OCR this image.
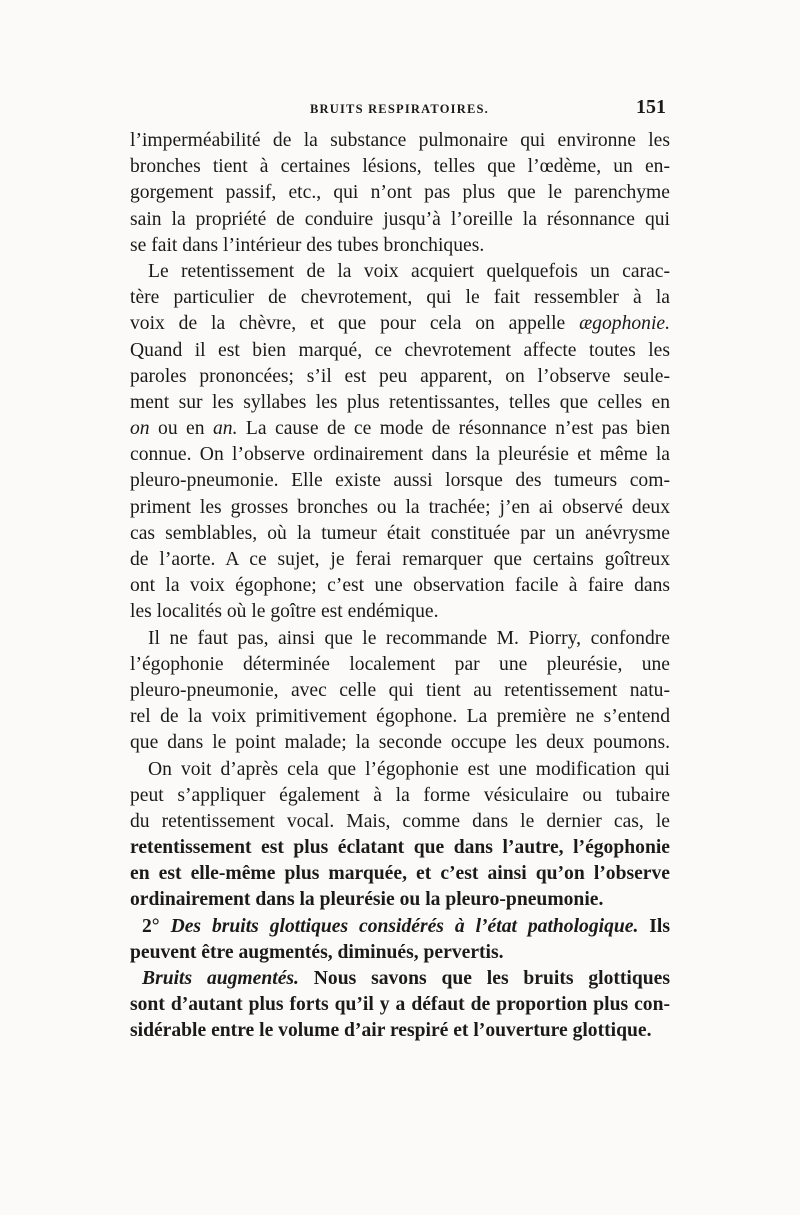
BRUITS RESPIRATOIRES.	151
l’imperméabilité de la substance pulmonaire qui environne les
bronches tient à certaines lésions, telles que l’œdème, un en-
gorgement passif, etc., qui n’ont pas plus que le parenchyme
sain la propriété de conduire jusqu’à l’oreille la résonnance qui
se fait dans l’intérieur des tubes bronchiques.
Le retentissement de la voix acquiert quelquefois un carac-
tère particulier de chevrotement, qui le fait ressembler à la
voix de la chèvre, et que pour cela on appelle ægophonie.
Quand il est bien marqué, ce chevrotement affecte toutes les
paroles prononcées; s’il est peu apparent, on l’observe seule-
ment sur les syllabes les plus retentissantes, telles que celles en
on ou en an. La cause de ce mode de résonnance n’est pas bien
connue. On l’observe ordinairement dans la pleurésie et même la
pleuro-pneumonie. Elle existe aussi lorsque des tumeurs com-
priment les grosses bronches ou la trachée; j’en ai observé deux
cas semblables, où la tumeur était constituée par un anévrysme
de l’aorte. A ce sujet, je ferai remarquer que certains goîtreux
ont la voix égophone; c’est une observation facile à faire dans
les localités où le goître est endémique.
Il ne faut pas, ainsi que le recommande M. Piorry, confondre
l’égophonie déterminée localement par une pleurésie, une
pleuro-pneumonie, avec celle qui tient au retentissement natu-
rel de la voix primitivement égophone. La première ne s’entend
que dans le point malade; la seconde occupe les deux poumons.
On voit d’après cela que l’égophonie est une modification qui
peut s’appliquer également à la forme vésiculaire ou tubaire
du retentissement vocal. Mais, comme dans le dernier cas, le
retentissement est plus éclatant que dans l’autre, l’égophonie
en est elle-même plus marquée, et c’est ainsi qu’on l’observe
ordinairement dans la pleurésie ou la pleuro-pneumonie.
2° Des bruits glottiques considérés à l’état pathologique. Ils
peuvent être augmentés, diminués, pervertis.
Bruits augmentés. Nous savons que les bruits glottiques
sont d’autant plus forts qu’il y a défaut de proportion plus con-
sidérable entre le volume d’air respiré et l’ouverture glottique.
